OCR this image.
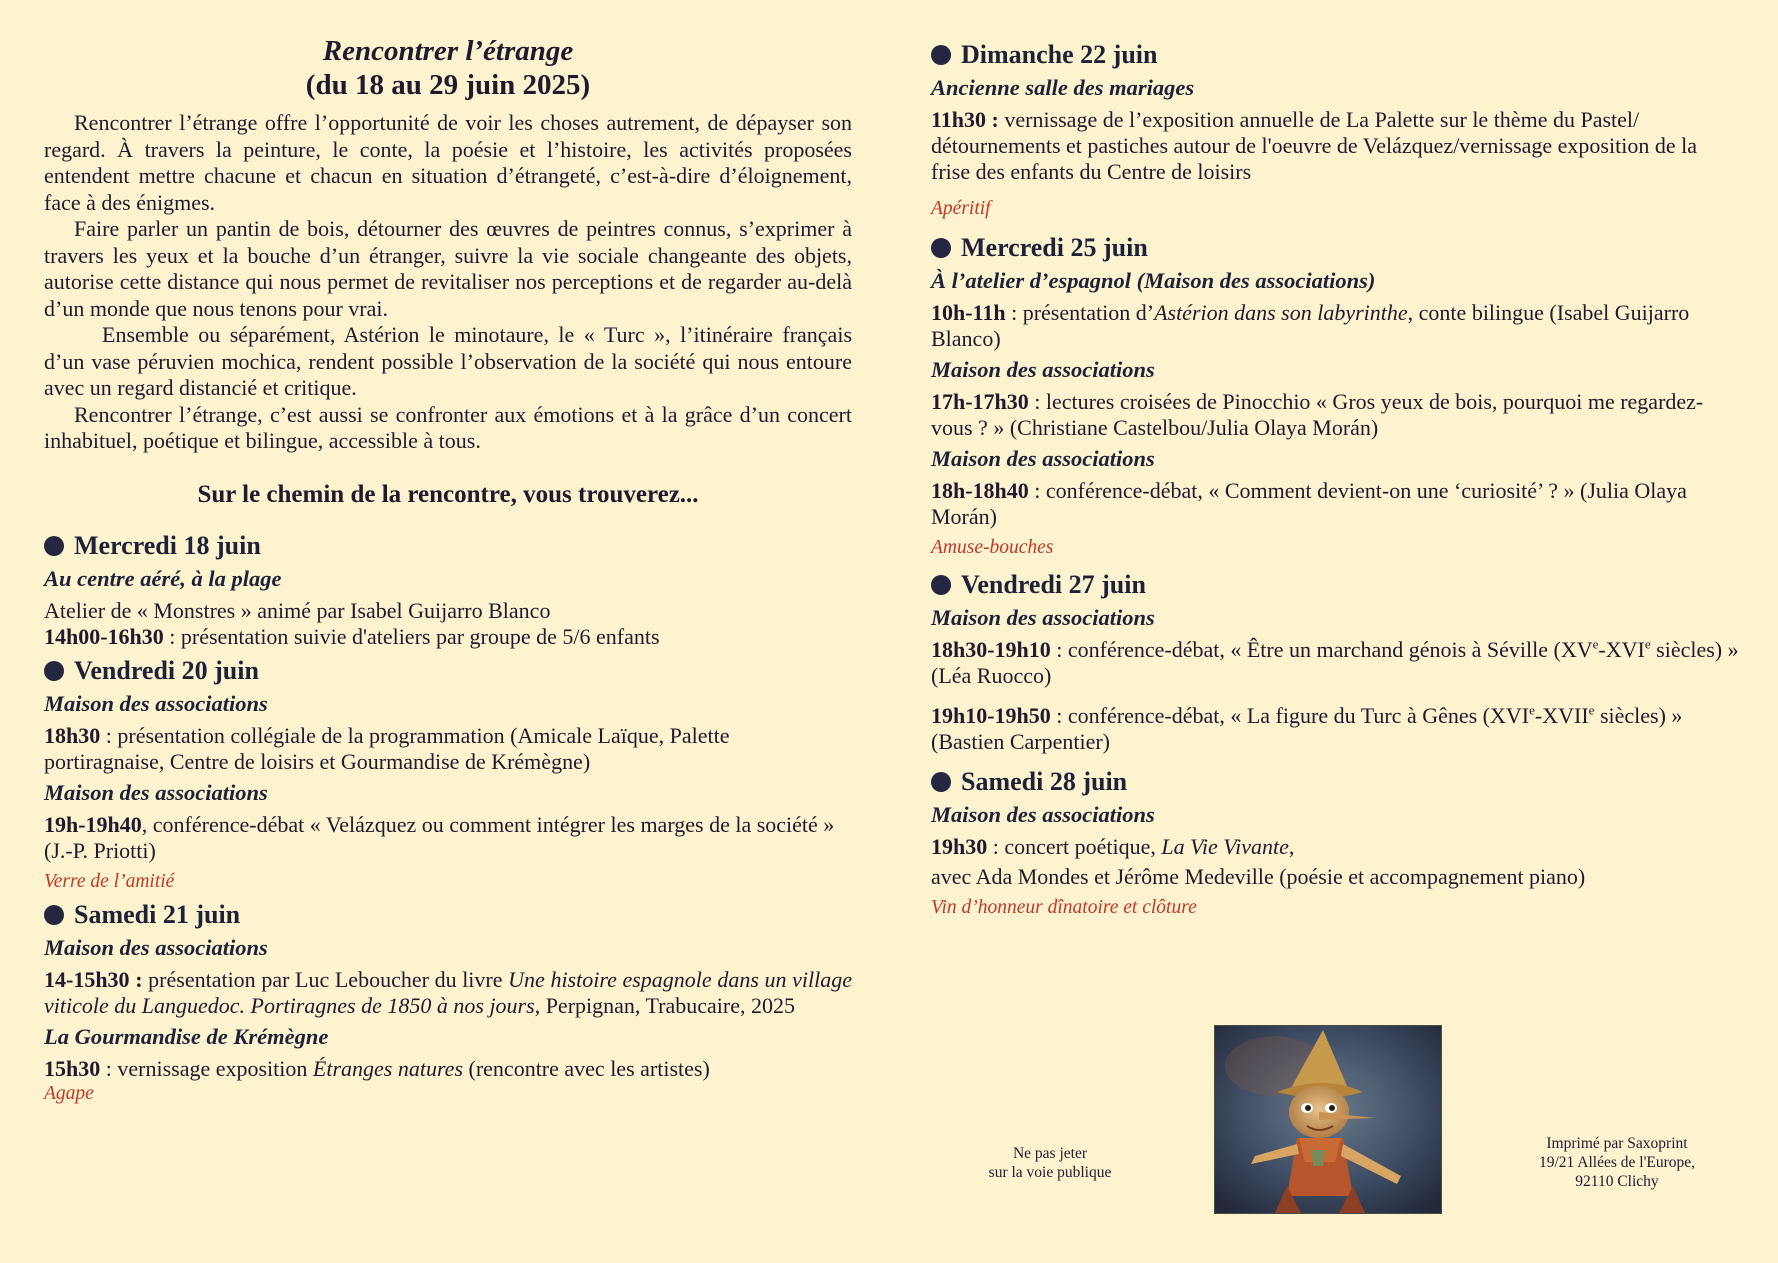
Rencontrer l’étrange
(du 18 au 29 juin 2025)

Rencontrer l’étrange offre l’opportunité de voir les choses autrement, de dépayser son regard. À travers la peinture, le conte, la poésie et l’histoire, les activités proposées entendent mettre chacune et chacun en situation d’étrangeté, c’est-à-dire d’éloignement, face à des énigmes.

Faire parler un pantin de bois, détourner des œuvres de peintres connus, s’exprimer à travers les yeux et la bouche d’un étranger, suivre la vie sociale changeante des objets, autorise cette distance qui nous permet de revitaliser nos perceptions et de regarder au-delà d’un monde que nous tenons pour vrai.

Ensemble ou séparément, Astérion le minotaure, le « Turc », l’itinéraire français d’un vase péruvien mochica, rendent possible l’observation de la société qui nous entoure avec un regard distancié et critique.

Rencontrer l’étrange, c’est aussi se confronter aux émotions et à la grâce d’un concert inhabituel, poétique et bilingue, accessible à tous.

Sur le chemin de la rencontre, vous trouverez...
Mercredi 18 juin
Au centre aéré, à la plage
Atelier de « Monstres » animé par Isabel Guijarro Blanco
14h00-16h30 : présentation suivie d'ateliers par groupe de 5/6 enfants
Vendredi 20 juin
Maison des associations
18h30 : présentation collégiale de la programmation (Amicale Laïque, Palette portiragnaise, Centre de loisirs et Gourmandise de Krémègne)
Maison des associations
19h-19h40, conférence-débat « Velázquez ou comment intégrer les marges de la société » (J.-P. Priotti)
Verre de l’amitié
Samedi 21 juin
Maison des associations
14-15h30 : présentation par Luc Leboucher du livre Une histoire espagnole dans un village viticole du Languedoc. Portiragnes de 1850 à nos jours, Perpignan, Trabucaire, 2025
La Gourmandise de Krémègne
15h30 : vernissage exposition Étranges natures (rencontre avec les artistes)
Agape
Dimanche 22 juin
Ancienne salle des mariages
11h30 : vernissage de l’exposition annuelle de La Palette sur le thème du Pastel/ détournements et pastiches autour de l'oeuvre de Velázquez/vernissage exposition de la frise des enfants du Centre de loisirs
Apéritif
Mercredi 25 juin
À l’atelier d’espagnol (Maison des associations)
10h-11h : présentation d’Astérion dans son labyrinthe, conte bilingue (Isabel Guijarro Blanco)
Maison des associations
17h-17h30 : lectures croisées de Pinocchio « Gros yeux de bois, pourquoi me regardez-vous ? » (Christiane Castelbou/Julia Olaya Morán)
Maison des associations
18h-18h40 : conférence-débat, « Comment devient-on une ‘curiosité’ ? » (Julia Olaya Morán)
Amuse-bouches
Vendredi 27 juin
Maison des associations
18h30-19h10 : conférence-débat, « Être un marchand génois à Séville (XVe-XVIe siècles) » (Léa Ruocco)
19h10-19h50 : conférence-débat, « La figure du Turc à Gênes (XVIe-XVIIe siècles) » (Bastien Carpentier)
Samedi 28 juin
Maison des associations
19h30 : concert poétique, La Vie Vivante,
avec Ada Mondes et Jérôme Medeville (poésie et accompagnement piano)
Vin d’honneur dînatoire et clôture
Ne pas jeter
sur la voie publique
Imprimé par Saxoprint
19/21 Allées de l'Europe,
92110 Clichy
